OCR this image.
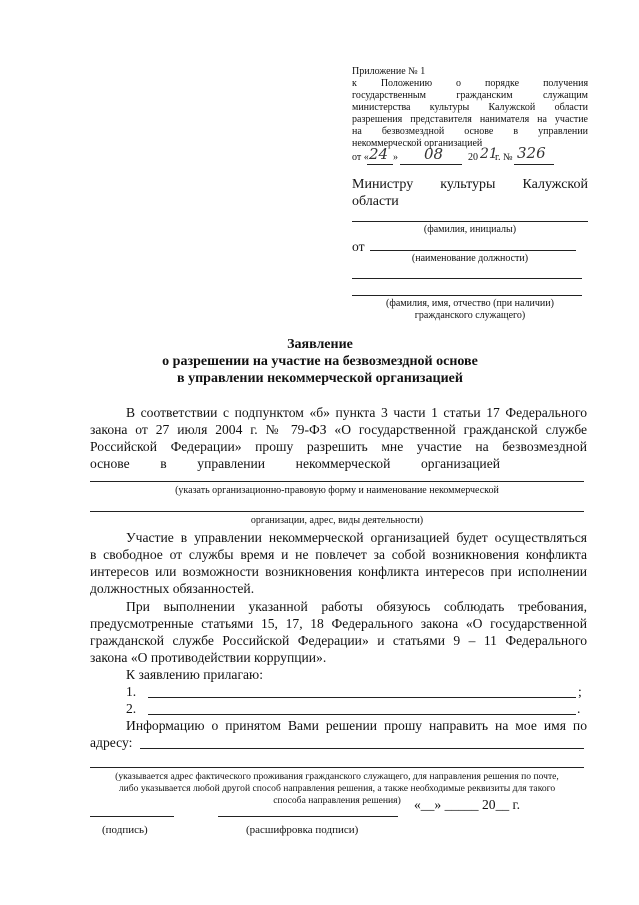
Приложение № 1
к Положению о порядке получения
государственным	гражданским	служащим
министерства культуры Калужской области
разрешения представителя нанимателя на участие
на безвозмездной основе в управлении
некоммерческой организацией
от « 24 » 08 20 21
г. № 326
Министру культуры Калужской
области
(фамилия, инициалы)
от
(наименование должности)
(фамилия, имя, отчество (при наличии)
гражданского служащего)
Заявление
о разрешении на участие на безвозмездной основе
в управлении некоммерческой организацией
В соответствии с подпунктом «б» пункта 3 части 1 статьи 17 Федерального
закона от 27 июля 2004 г. № 79-ФЗ «О государственной гражданской службе
Российской Федерации» прошу разрешить мне участие на безвозмездной
основе в управлении некоммерческой организацией
(указать организационно-правовую форму и наименование некоммерческой
организации, адрес, виды деятельности)
Участие в управлении некоммерческой организацией будет осуществляться
в свободное от службы время и не повлечет за собой возникновения конфликта
интересов или возможности возникновения конфликта интересов при исполнении
должностных обязанностей.
При выполнении указанной работы обязуюсь соблюдать требования,
предусмотренные статьями 15, 17, 18 Федерального закона «О государственной
гражданской службе Российской Федерации» и статьями 9 – 11 Федерального
закона «О противодействии коррупции».
К заявлению прилагаю:
1.	;
2.	.
Информацию о принятом Вами решении прошу направить на мое имя по
адресу:
(указывается адрес фактического проживания гражданского служащего, для направления решения по почте,
либо указывается любой другой способ направления решения, а также необходимые реквизиты для такого
способа направления решения) «__» _____ 20__ г.
(подпись)	(расшифровка подписи)
